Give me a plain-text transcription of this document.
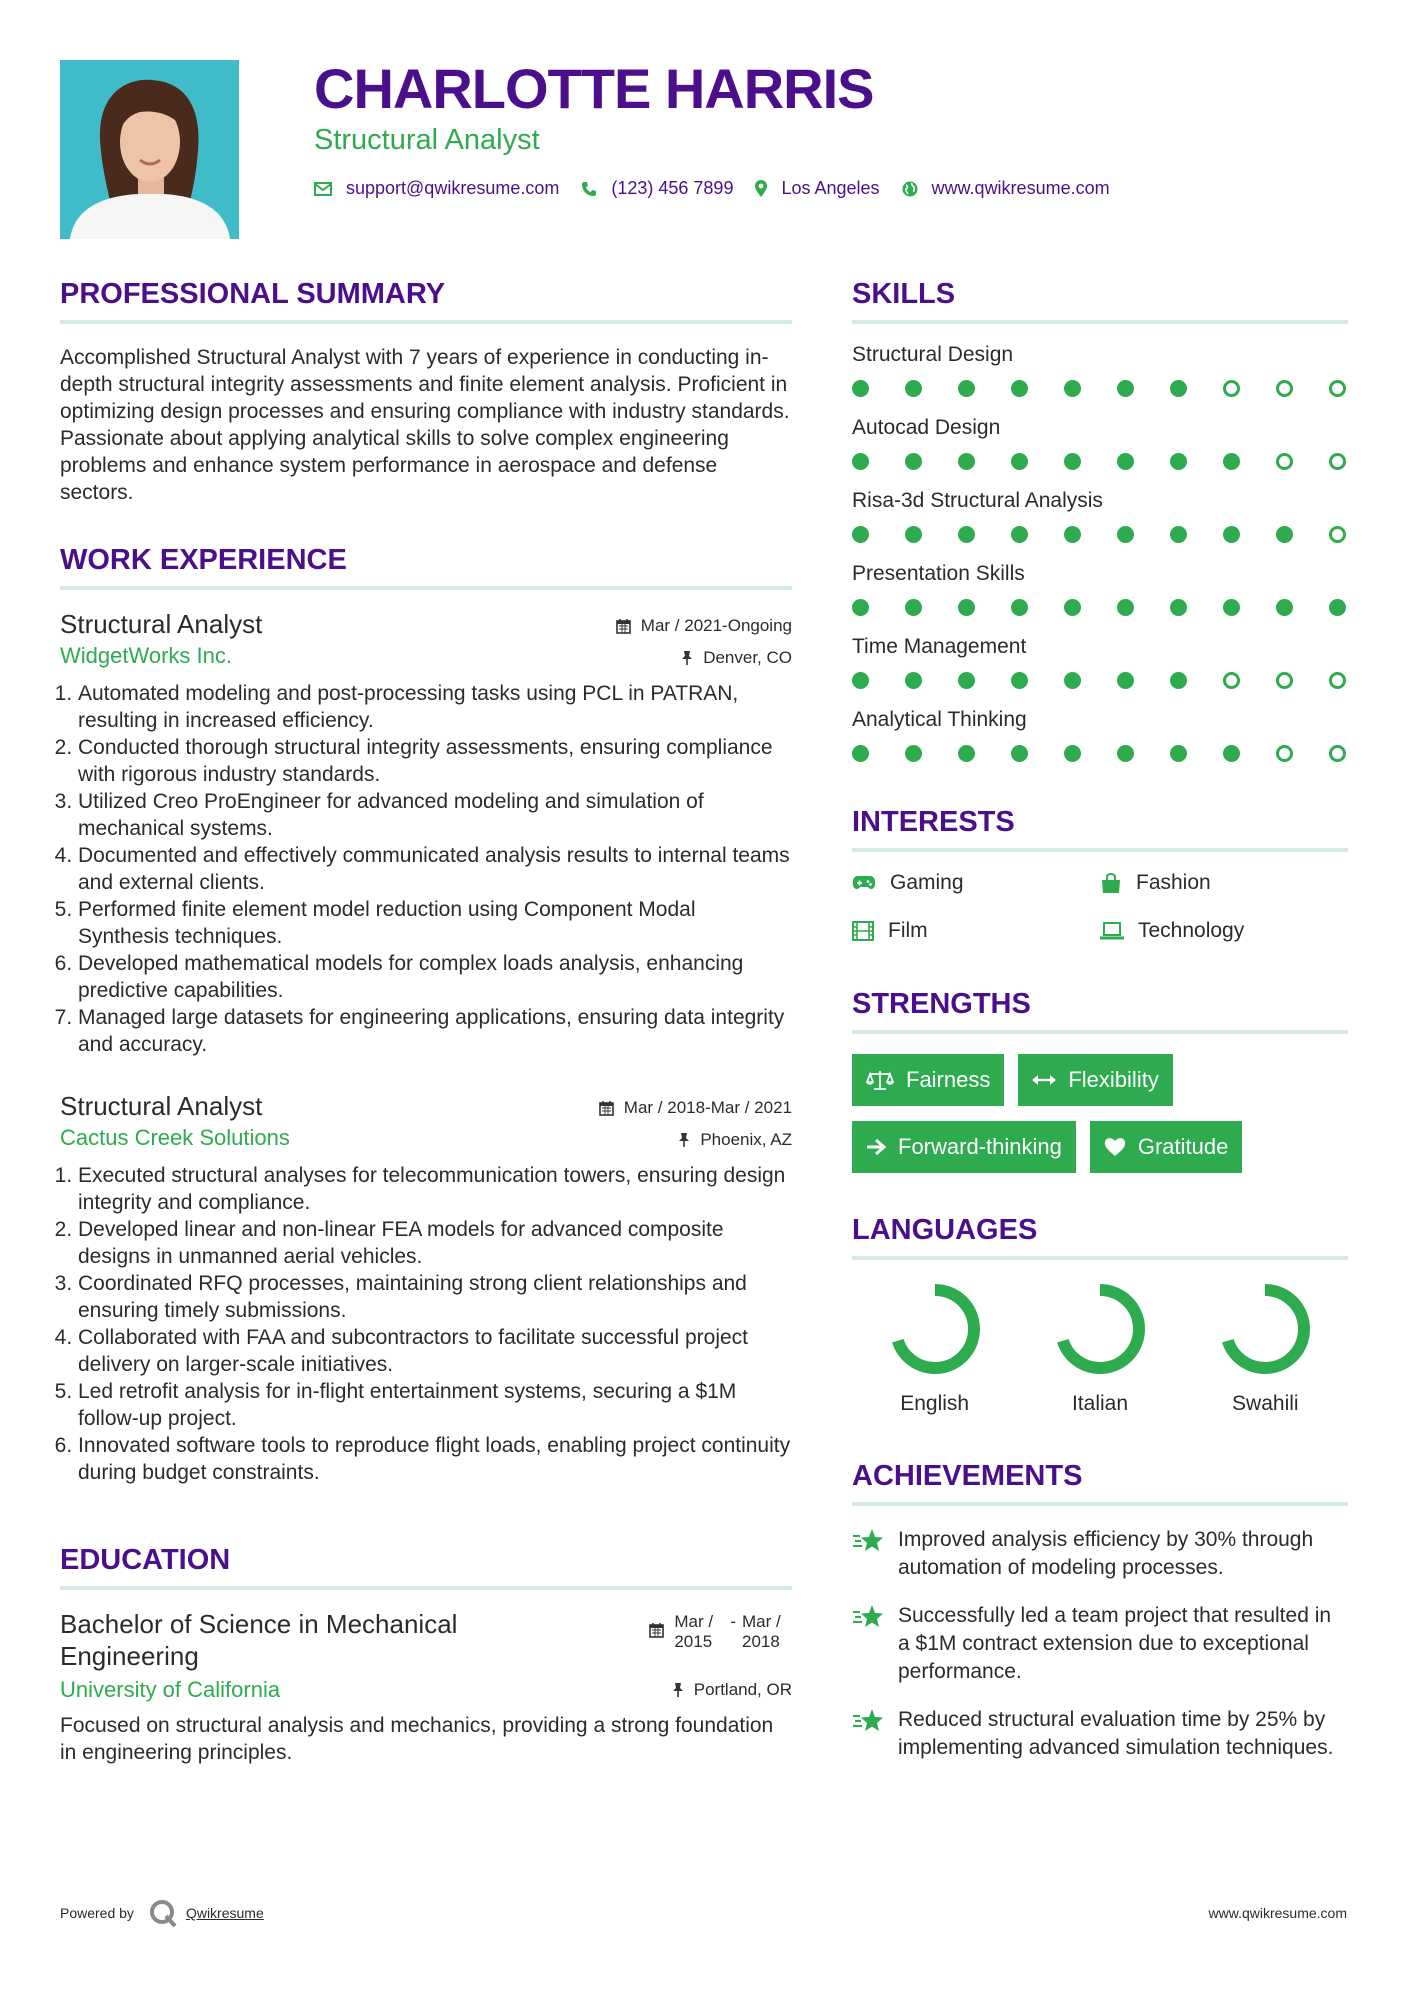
CHARLOTTE HARRIS
Structural Analyst
support@qwikresume.com	(123) 456 7899	Los Angeles	www.qwikresume.com
PROFESSIONAL SUMMARY

Accomplished Structural Analyst with 7 years of experience in conducting in-depth structural integrity assessments and finite element analysis. Proficient in optimizing design processes and ensuring compliance with industry standards. Passionate about applying analytical skills to solve complex engineering problems and enhance system performance in aerospace and defense sectors.

WORK EXPERIENCE
Structural Analyst	Mar / 2021-Ongoing
WidgetWorks Inc.	Denver, CO
1. Automated modeling and post-processing tasks using PCL in PATRAN, resulting in increased efficiency.
2. Conducted thorough structural integrity assessments, ensuring compliance with rigorous industry standards.
3. Utilized Creo ProEngineer for advanced modeling and simulation of mechanical systems.
4. Documented and effectively communicated analysis results to internal teams and external clients.
5. Performed finite element model reduction using Component Modal Synthesis techniques.
6. Developed mathematical models for complex loads analysis, enhancing predictive capabilities.
7. Managed large datasets for engineering applications, ensuring data integrity and accuracy.
Structural Analyst	Mar / 2018-Mar / 2021
Cactus Creek Solutions	Phoenix, AZ
1. Executed structural analyses for telecommunication towers, ensuring design integrity and compliance.
2. Developed linear and non-linear FEA models for advanced composite designs in unmanned aerial vehicles.
3. Coordinated RFQ processes, maintaining strong client relationships and ensuring timely submissions.
4. Collaborated with FAA and subcontractors to facilitate successful project delivery on larger-scale initiatives.
5. Led retrofit analysis for in-flight entertainment systems, securing a $1M follow-up project.
6. Innovated software tools to reproduce flight loads, enabling project continuity during budget constraints.
EDUCATION
Bachelor of Science in Mechanical Engineering
Mar / 2015
- Mar / 2018
University of California	Portland, OR

Focused on structural analysis and mechanics, providing a strong foundation in engineering principles.

SKILLS
Structural Design
Autocad Design
Risa-3d Structural Analysis
Presentation Skills
Time Management
Analytical Thinking
INTERESTS
Gaming	Fashion
Film	Technology
STRENGTHS
Fairness	Flexibility
Forward-thinking	Gratitude
LANGUAGES
English	Italian	Swahili
ACHIEVEMENTS
Improved analysis efficiency by 30% through automation of modeling processes.
Successfully led a team project that resulted in a $1M contract extension due to exceptional performance.
Reduced structural evaluation time by 25% by implementing advanced simulation techniques.
Powered by	Qwikresume	www.qwikresume.com
